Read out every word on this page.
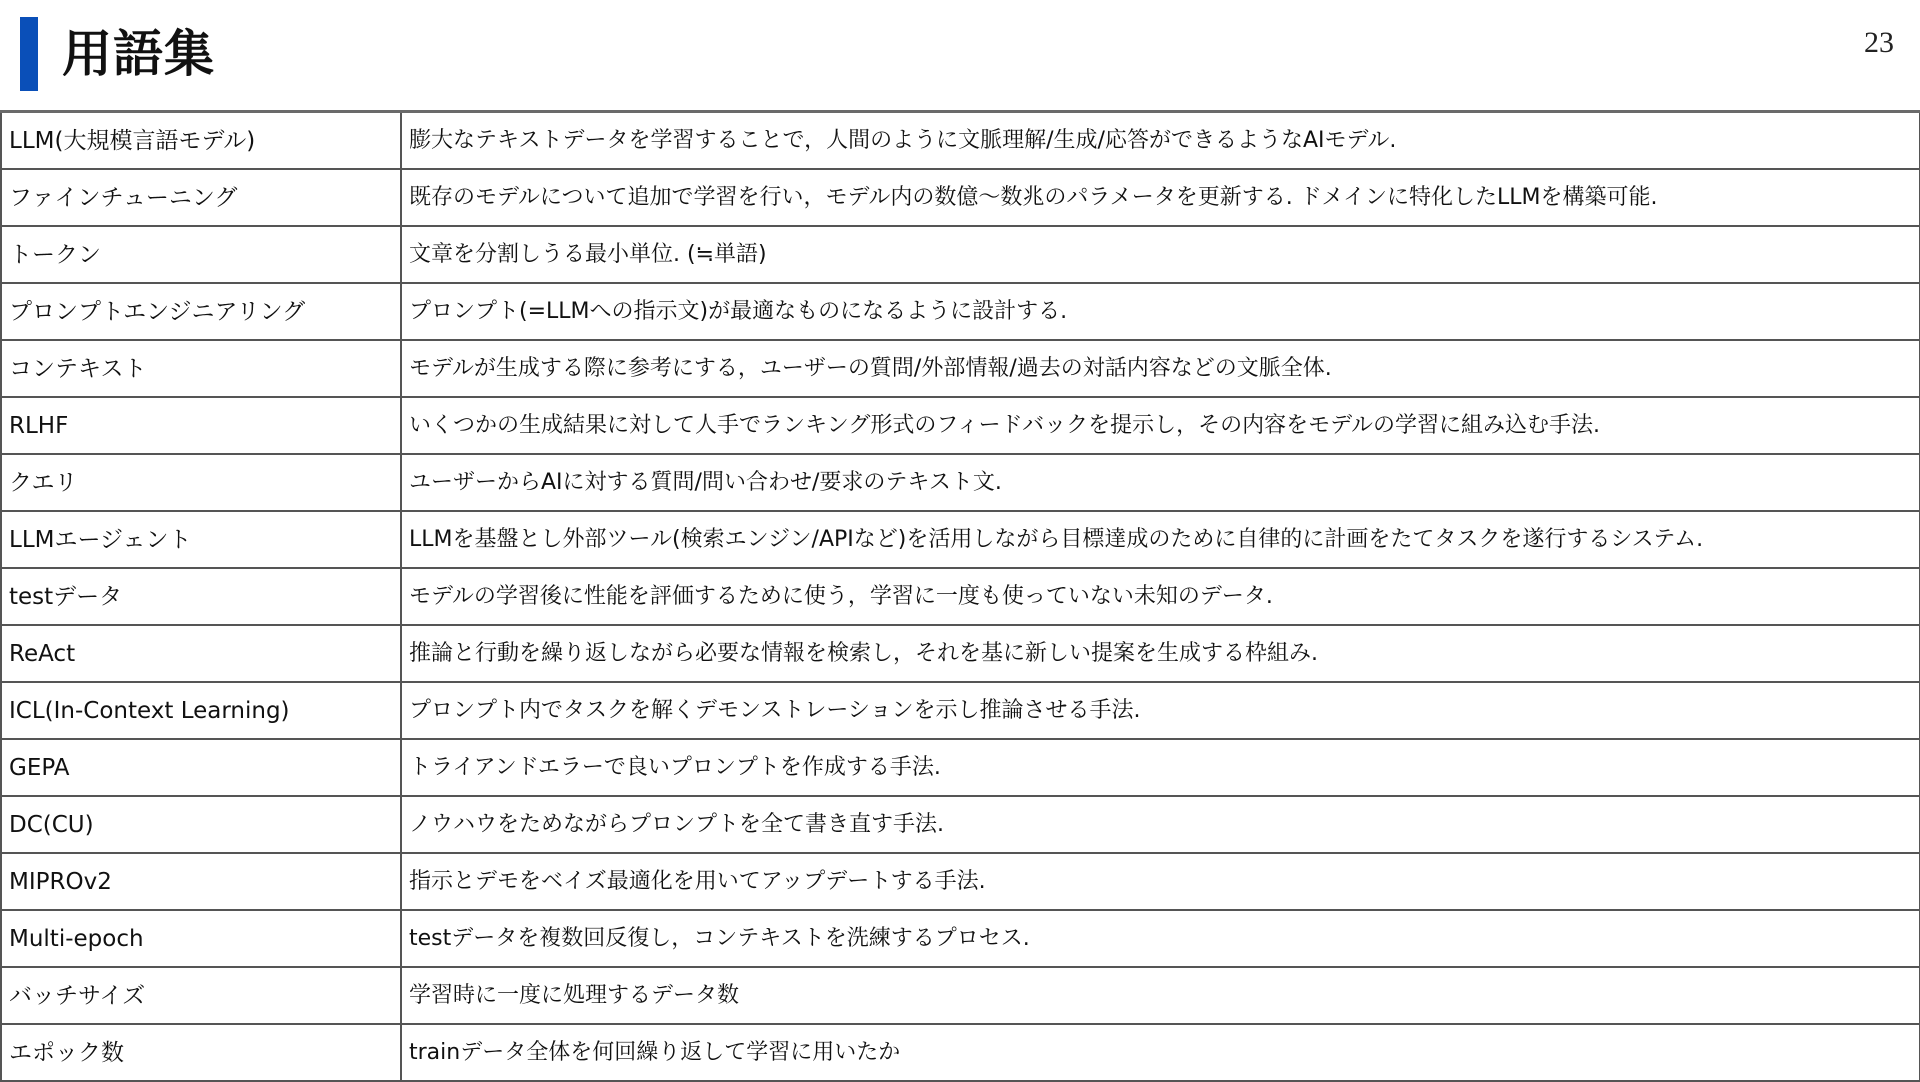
用語集	23
LLM(大規模言語モデル)	膨大なテキストデータを学習することで，人間のように文脈理解/生成/応答ができるようなAIモデル.
ファインチューニング	既存のモデルについて追加で学習を行い，モデル内の数億～数兆のパラメータを更新する. ドメインに特化したLLMを構築可能.
トークン	文章を分割しうる最小単位. (≒単語)
プロンプトエンジニアリング	プロンプト(=LLMへの指示文)が最適なものになるように設計する.
コンテキスト	モデルが生成する際に参考にする，ユーザーの質問/外部情報/過去の対話内容などの文脈全体.
RLHF	いくつかの生成結果に対して人手でランキング形式のフィードバックを提示し，その内容をモデルの学習に組み込む手法.
クエリ	ユーザーからAIに対する質問/問い合わせ/要求のテキスト文.
LLMエージェント	LLMを基盤とし外部ツール(検索エンジン/APIなど)を活用しながら目標達成のために自律的に計画をたてタスクを遂行するシステム.
testデータ	モデルの学習後に性能を評価するために使う，学習に一度も使っていない未知のデータ.
ReAct	推論と行動を繰り返しながら必要な情報を検索し，それを基に新しい提案を生成する枠組み.
ICL(In-Context Learning)	プロンプト内でタスクを解くデモンストレーションを示し推論させる手法.
GEPA	トライアンドエラーで良いプロンプトを作成する手法.
DC(CU)	ノウハウをためながらプロンプトを全て書き直す手法.
MIPROv2	指示とデモをベイズ最適化を用いてアップデートする手法.
Multi-epoch	testデータを複数回反復し，コンテキストを洗練するプロセス.
バッチサイズ	学習時に一度に処理するデータ数
エポック数	trainデータ全体を何回繰り返して学習に用いたか
